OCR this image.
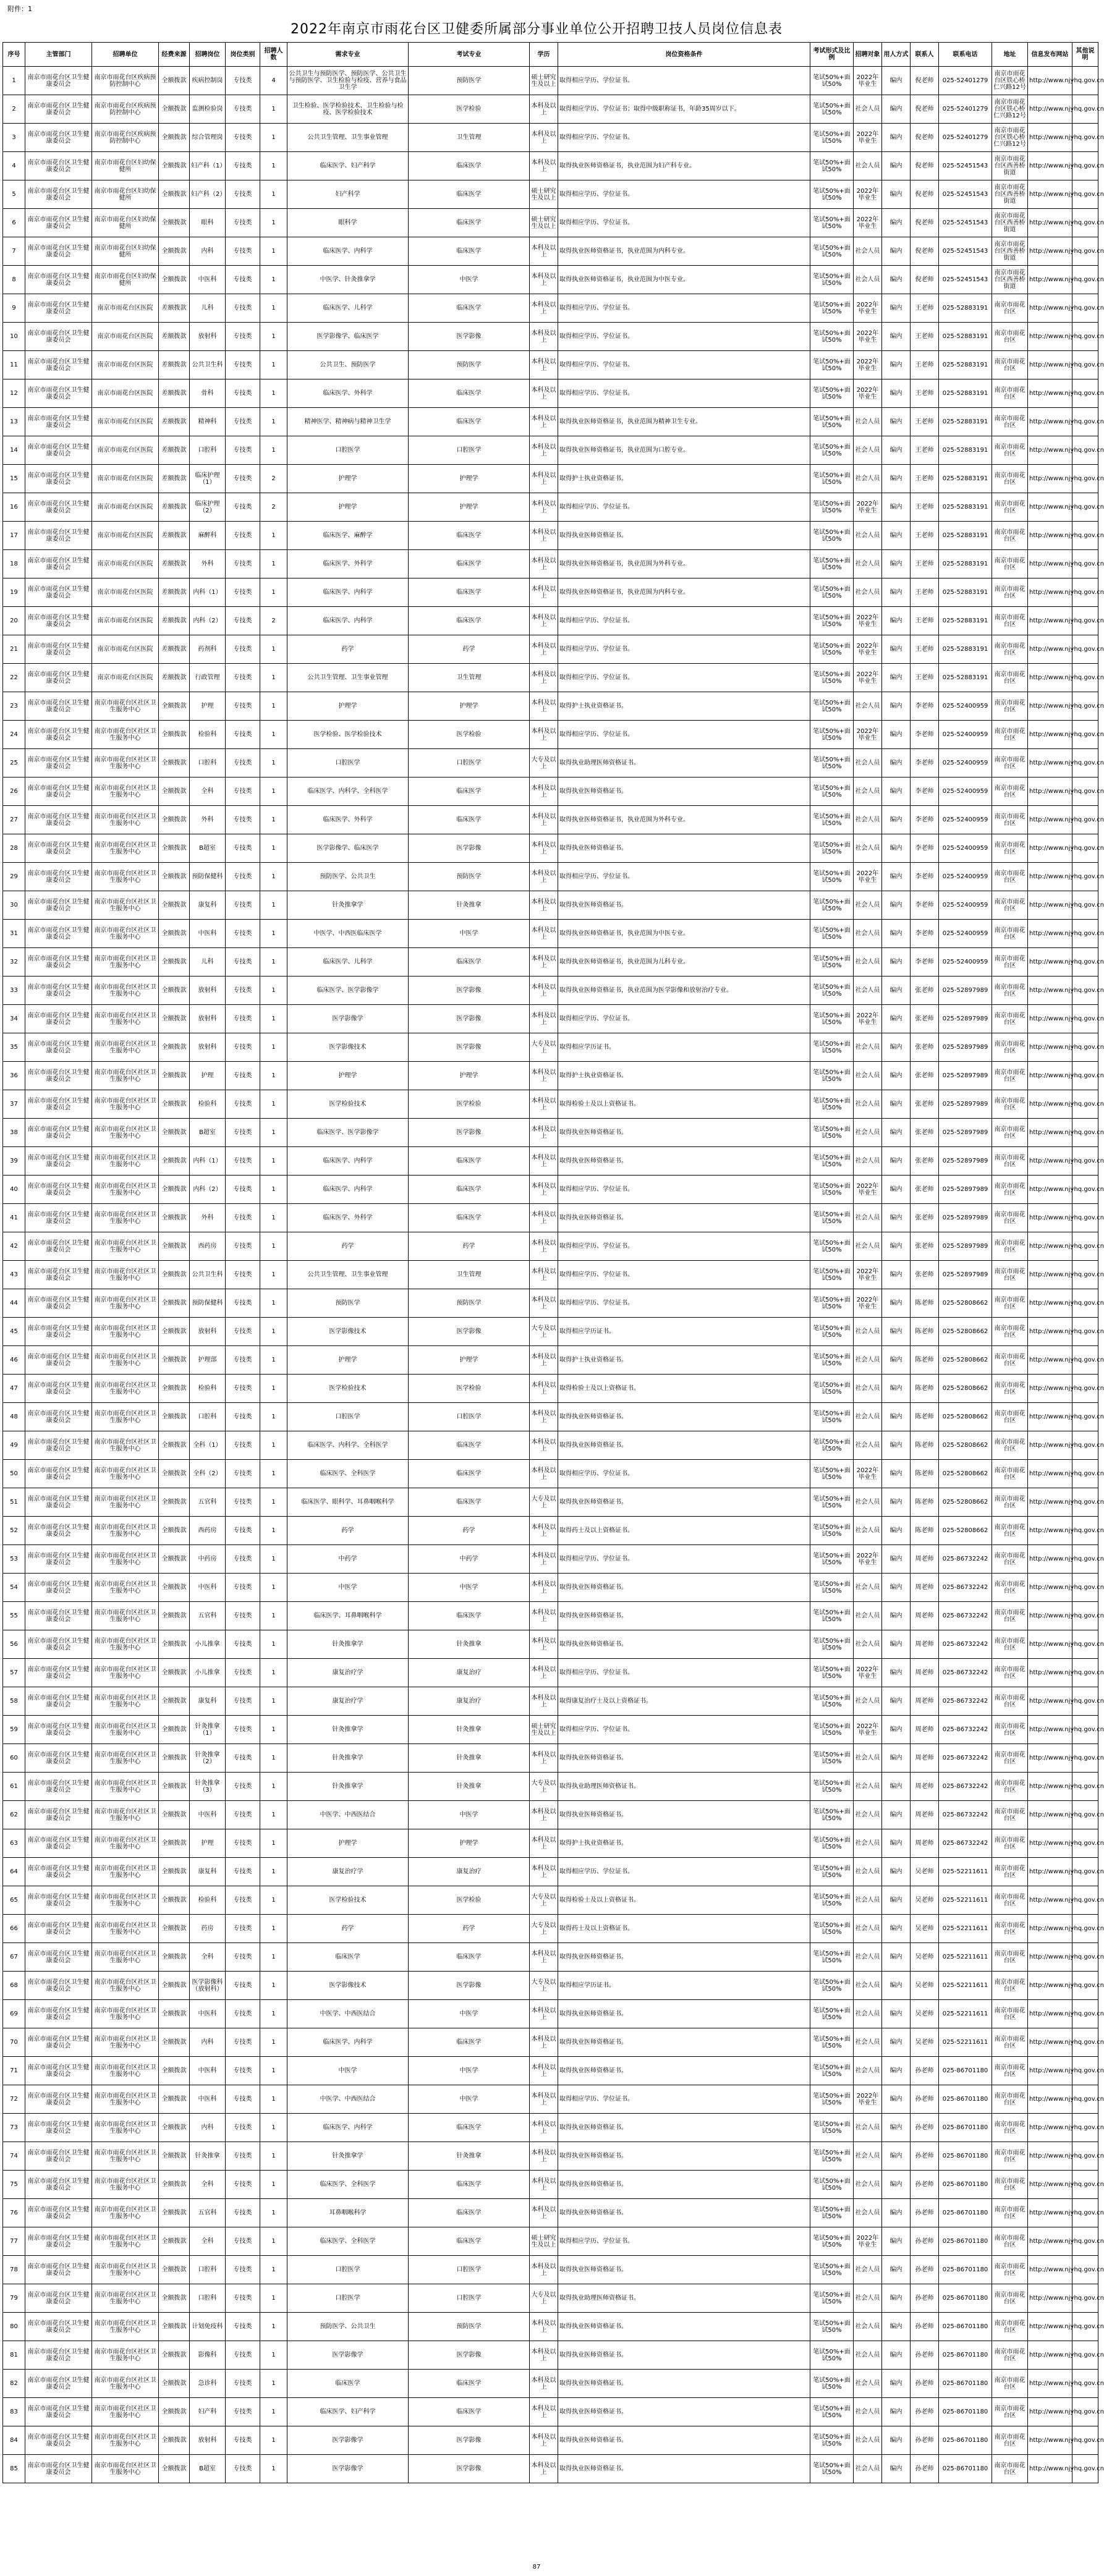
附件：1
2022年南京市雨花台区卫健委所属部分事业单位公开招聘卫技人员岗位信息表
序号	主管部门	招聘单位	经费来源	招聘岗位	岗位类别	招聘人数	需求专业	考试专业	学历	岗位资格条件	考试形式及比例	招聘对象	用人方式	联系人	联系电话	地址	信息发布网站	其他说明
1	南京市雨花台区卫生健康委员会	南京市雨花台区疾病预防控制中心	全额拨款	疾病控制岗	专技类	4	公共卫生与预防医学、预防医学、公共卫生与预防医学、卫生检验与检疫、营养与食品卫生学	预防医学	硕士研究生及以上	取得相应学历、学位证书。	笔试50%+面试50%	2022年毕业生	编内	倪老师	025-52401279	南京市雨花台区铁心桥仁兴路12号	http://www.njyhq.gov.cn	
2	南京市雨花台区卫生健康委员会	南京市雨花台区疾病预防控制中心	全额拨款	监测检验岗	专技类	1	卫生检验、医学检验技术、卫生检验与检疫、医学检验技术	医学检验	本科及以上	取得相应学历、学位证书；取得中级职称证书，年龄35周岁以下。	笔试50%+面试50%	社会人员	编内	倪老师	025-52401279	南京市雨花台区铁心桥仁兴路12号	http://www.njyhq.gov.cn	
3	南京市雨花台区卫生健康委员会	南京市雨花台区疾病预防控制中心	全额拨款	综合管理岗	专技类	1	公共卫生管理、卫生事业管理	卫生管理	本科及以上	取得相应学历、学位证书。	笔试50%+面试50%	2022年毕业生	编内	倪老师	025-52401279	南京市雨花台区铁心桥仁兴路12号	http://www.njyhq.gov.cn	
4	南京市雨花台区卫生健康委员会	南京市雨花台区妇幼保健所	全额拨款	妇产科（1）	专技类	1	临床医学、妇产科学	临床医学	本科及以上	取得执业医师资格证书，执业范围为妇产科专业。	笔试50%+面试50%	社会人员	编内	倪老师	025-52451543	南京市雨花台区西善桥街道	http://www.njyhq.gov.cn	
5	南京市雨花台区卫生健康委员会	南京市雨花台区妇幼保健所	全额拨款	妇产科（2）	专技类	1	妇产科学	临床医学	硕士研究生及以上	取得相应学历、学位证书。	笔试50%+面试50%	2022年毕业生	编内	倪老师	025-52451543	南京市雨花台区西善桥街道	http://www.njyhq.gov.cn	
6	南京市雨花台区卫生健康委员会	南京市雨花台区妇幼保健所	全额拨款	眼科	专技类	1	眼科学	临床医学	硕士研究生及以上	取得相应学历、学位证书。	笔试50%+面试50%	2022年毕业生	编内	倪老师	025-52451543	南京市雨花台区西善桥街道	http://www.njyhq.gov.cn	
7	南京市雨花台区卫生健康委员会	南京市雨花台区妇幼保健所	全额拨款	内科	专技类	1	临床医学、内科学	临床医学	本科及以上	取得执业医师资格证书，执业范围为内科专业。	笔试50%+面试50%	社会人员	编内	倪老师	025-52451543	南京市雨花台区西善桥街道	http://www.njyhq.gov.cn	
8	南京市雨花台区卫生健康委员会	南京市雨花台区妇幼保健所	全额拨款	中医科	专技类	1	中医学、针灸推拿学	中医学	本科及以上	取得执业医师资格证书，执业范围为中医专业。	笔试50%+面试50%	社会人员	编内	倪老师	025-52451543	南京市雨花台区西善桥街道	http://www.njyhq.gov.cn	
9	南京市雨花台区卫生健康委员会	南京市雨花台区医院	差额拨款	儿科	专技类	1	临床医学、儿科学	临床医学	本科及以上	取得相应学历、学位证书。	笔试50%+面试50%	2022年毕业生	编内	王老师	025-52883191	南京市雨花台区	http://www.njyhq.gov.cn	
10	南京市雨花台区卫生健康委员会	南京市雨花台区医院	差额拨款	放射科	专技类	1	医学影像学、临床医学	医学影像	本科及以上	取得相应学历、学位证书。	笔试50%+面试50%	2022年毕业生	编内	王老师	025-52883191	南京市雨花台区	http://www.njyhq.gov.cn	
11	南京市雨花台区卫生健康委员会	南京市雨花台区医院	差额拨款	公共卫生科	专技类	1	公共卫生、预防医学	预防医学	本科及以上	取得相应学历、学位证书。	笔试50%+面试50%	2022年毕业生	编内	王老师	025-52883191	南京市雨花台区	http://www.njyhq.gov.cn	
12	南京市雨花台区卫生健康委员会	南京市雨花台区医院	差额拨款	骨科	专技类	1	临床医学、外科学	临床医学	本科及以上	取得相应学历、学位证书。	笔试50%+面试50%	2022年毕业生	编内	王老师	025-52883191	南京市雨花台区	http://www.njyhq.gov.cn	
13	南京市雨花台区卫生健康委员会	南京市雨花台区医院	差额拨款	精神科	专技类	1	精神医学、精神病与精神卫生学	临床医学	本科及以上	取得执业医师资格证书，执业范围为精神卫生专业。	笔试50%+面试50%	社会人员	编内	王老师	025-52883191	南京市雨花台区	http://www.njyhq.gov.cn	
14	南京市雨花台区卫生健康委员会	南京市雨花台区医院	差额拨款	口腔科	专技类	1	口腔医学	口腔医学	本科及以上	取得执业医师资格证书，执业范围为口腔专业。	笔试50%+面试50%	社会人员	编内	王老师	025-52883191	南京市雨花台区	http://www.njyhq.gov.cn	
15	南京市雨花台区卫生健康委员会	南京市雨花台区医院	差额拨款	临床护理（1）	专技类	2	护理学	护理学	本科及以上	取得护士执业资格证书。	笔试50%+面试50%	社会人员	编内	王老师	025-52883191	南京市雨花台区	http://www.njyhq.gov.cn	
16	南京市雨花台区卫生健康委员会	南京市雨花台区医院	差额拨款	临床护理（2）	专技类	2	护理学	护理学	本科及以上	取得相应学历、学位证书。	笔试50%+面试50%	2022年毕业生	编内	王老师	025-52883191	南京市雨花台区	http://www.njyhq.gov.cn	
17	南京市雨花台区卫生健康委员会	南京市雨花台区医院	差额拨款	麻醉科	专技类	1	临床医学、麻醉学	临床医学	本科及以上	取得执业医师资格证书。	笔试50%+面试50%	社会人员	编内	王老师	025-52883191	南京市雨花台区	http://www.njyhq.gov.cn	
18	南京市雨花台区卫生健康委员会	南京市雨花台区医院	差额拨款	外科	专技类	1	临床医学、外科学	临床医学	本科及以上	取得执业医师资格证书，执业范围为外科专业。	笔试50%+面试50%	社会人员	编内	王老师	025-52883191	南京市雨花台区	http://www.njyhq.gov.cn	
19	南京市雨花台区卫生健康委员会	南京市雨花台区医院	差额拨款	内科（1）	专技类	1	临床医学、内科学	临床医学	本科及以上	取得执业医师资格证书，执业范围为内科专业。	笔试50%+面试50%	社会人员	编内	王老师	025-52883191	南京市雨花台区	http://www.njyhq.gov.cn	
20	南京市雨花台区卫生健康委员会	南京市雨花台区医院	差额拨款	内科（2）	专技类	2	临床医学、内科学	临床医学	本科及以上	取得相应学历、学位证书。	笔试50%+面试50%	2022年毕业生	编内	王老师	025-52883191	南京市雨花台区	http://www.njyhq.gov.cn	
21	南京市雨花台区卫生健康委员会	南京市雨花台区医院	差额拨款	药剂科	专技类	1	药学	药学	本科及以上	取得相应学历、学位证书。	笔试50%+面试50%	2022年毕业生	编内	王老师	025-52883191	南京市雨花台区	http://www.njyhq.gov.cn	
22	南京市雨花台区卫生健康委员会	南京市雨花台区医院	差额拨款	行政管理	专技类	1	公共卫生管理、卫生事业管理	卫生管理	本科及以上	取得相应学历、学位证书。	笔试50%+面试50%	2022年毕业生	编内	王老师	025-52883191	南京市雨花台区	http://www.njyhq.gov.cn	
23	南京市雨花台区卫生健康委员会	南京市雨花台区社区卫生服务中心	全额拨款	护理	专技类	1	护理学	护理学	本科及以上	取得护士执业资格证书。	笔试50%+面试50%	社会人员	编内	李老师	025-52400959	南京市雨花台区	http://www.njyhq.gov.cn	
24	南京市雨花台区卫生健康委员会	南京市雨花台区社区卫生服务中心	全额拨款	检验科	专技类	1	医学检验、医学检验技术	医学检验	本科及以上	取得相应学历、学位证书。	笔试50%+面试50%	2022年毕业生	编内	李老师	025-52400959	南京市雨花台区	http://www.njyhq.gov.cn	
25	南京市雨花台区卫生健康委员会	南京市雨花台区社区卫生服务中心	全额拨款	口腔科	专技类	1	口腔医学	口腔医学	大专及以上	取得执业助理医师资格证书。	笔试50%+面试50%	社会人员	编内	李老师	025-52400959	南京市雨花台区	http://www.njyhq.gov.cn	
26	南京市雨花台区卫生健康委员会	南京市雨花台区社区卫生服务中心	全额拨款	全科	专技类	1	临床医学、内科学、全科医学	临床医学	本科及以上	取得执业医师资格证书。	笔试50%+面试50%	社会人员	编内	李老师	025-52400959	南京市雨花台区	http://www.njyhq.gov.cn	
27	南京市雨花台区卫生健康委员会	南京市雨花台区社区卫生服务中心	全额拨款	外科	专技类	1	临床医学、外科学	临床医学	本科及以上	取得执业医师资格证书，执业范围为外科专业。	笔试50%+面试50%	社会人员	编内	李老师	025-52400959	南京市雨花台区	http://www.njyhq.gov.cn	
28	南京市雨花台区卫生健康委员会	南京市雨花台区社区卫生服务中心	全额拨款	B超室	专技类	1	医学影像学、临床医学	医学影像	本科及以上	取得执业医师资格证书。	笔试50%+面试50%	社会人员	编内	李老师	025-52400959	南京市雨花台区	http://www.njyhq.gov.cn	
29	南京市雨花台区卫生健康委员会	南京市雨花台区社区卫生服务中心	全额拨款	预防保健科	专技类	1	预防医学、公共卫生	预防医学	本科及以上	取得相应学历、学位证书。	笔试50%+面试50%	2022年毕业生	编内	李老师	025-52400959	南京市雨花台区	http://www.njyhq.gov.cn	
30	南京市雨花台区卫生健康委员会	南京市雨花台区社区卫生服务中心	全额拨款	康复科	专技类	1	针灸推拿学	针灸推拿	本科及以上	取得执业医师资格证书。	笔试50%+面试50%	社会人员	编内	李老师	025-52400959	南京市雨花台区	http://www.njyhq.gov.cn	
31	南京市雨花台区卫生健康委员会	南京市雨花台区社区卫生服务中心	全额拨款	中医科	专技类	1	中医学、中西医临床医学	中医学	本科及以上	取得执业医师资格证书，执业范围为中医专业。	笔试50%+面试50%	社会人员	编内	李老师	025-52400959	南京市雨花台区	http://www.njyhq.gov.cn	
32	南京市雨花台区卫生健康委员会	南京市雨花台区社区卫生服务中心	全额拨款	儿科	专技类	1	临床医学、儿科学	临床医学	本科及以上	取得执业医师资格证书，执业范围为儿科专业。	笔试50%+面试50%	社会人员	编内	李老师	025-52400959	南京市雨花台区	http://www.njyhq.gov.cn	
33	南京市雨花台区卫生健康委员会	南京市雨花台区社区卫生服务中心	全额拨款	放射科	专技类	1	临床医学、医学影像学	医学影像	本科及以上	取得执业医师资格证书，执业范围为医学影像和放射治疗专业。	笔试50%+面试50%	社会人员	编内	张老师	025-52897989	南京市雨花台区	http://www.njyhq.gov.cn	
34	南京市雨花台区卫生健康委员会	南京市雨花台区社区卫生服务中心	全额拨款	放射科	专技类	1	医学影像学	医学影像	本科及以上	取得相应学历、学位证书。	笔试50%+面试50%	2022年毕业生	编内	张老师	025-52897989	南京市雨花台区	http://www.njyhq.gov.cn	
35	南京市雨花台区卫生健康委员会	南京市雨花台区社区卫生服务中心	全额拨款	放射科	专技类	1	医学影像技术	医学影像	大专及以上	取得相应学历证书。	笔试50%+面试50%	社会人员	编内	张老师	025-52897989	南京市雨花台区	http://www.njyhq.gov.cn	
36	南京市雨花台区卫生健康委员会	南京市雨花台区社区卫生服务中心	全额拨款	护理	专技类	1	护理学	护理学	本科及以上	取得护士执业资格证书。	笔试50%+面试50%	社会人员	编内	张老师	025-52897989	南京市雨花台区	http://www.njyhq.gov.cn	
37	南京市雨花台区卫生健康委员会	南京市雨花台区社区卫生服务中心	全额拨款	检验科	专技类	1	医学检验技术	医学检验	本科及以上	取得检验士及以上资格证书。	笔试50%+面试50%	社会人员	编内	张老师	025-52897989	南京市雨花台区	http://www.njyhq.gov.cn	
38	南京市雨花台区卫生健康委员会	南京市雨花台区社区卫生服务中心	全额拨款	B超室	专技类	1	临床医学、医学影像学	医学影像	本科及以上	取得执业医师资格证书。	笔试50%+面试50%	社会人员	编内	张老师	025-52897989	南京市雨花台区	http://www.njyhq.gov.cn	
39	南京市雨花台区卫生健康委员会	南京市雨花台区社区卫生服务中心	全额拨款	内科（1）	专技类	1	临床医学、内科学	临床医学	本科及以上	取得执业医师资格证书。	笔试50%+面试50%	社会人员	编内	张老师	025-52897989	南京市雨花台区	http://www.njyhq.gov.cn	
40	南京市雨花台区卫生健康委员会	南京市雨花台区社区卫生服务中心	全额拨款	内科（2）	专技类	1	临床医学、内科学	临床医学	本科及以上	取得相应学历、学位证书。	笔试50%+面试50%	2022年毕业生	编内	张老师	025-52897989	南京市雨花台区	http://www.njyhq.gov.cn	
41	南京市雨花台区卫生健康委员会	南京市雨花台区社区卫生服务中心	全额拨款	外科	专技类	1	临床医学、外科学	临床医学	本科及以上	取得执业医师资格证书。	笔试50%+面试50%	社会人员	编内	张老师	025-52897989	南京市雨花台区	http://www.njyhq.gov.cn	
42	南京市雨花台区卫生健康委员会	南京市雨花台区社区卫生服务中心	全额拨款	西药房	专技类	1	药学	药学	本科及以上	取得相应学历、学位证书。	笔试50%+面试50%	社会人员	编内	张老师	025-52897989	南京市雨花台区	http://www.njyhq.gov.cn	
43	南京市雨花台区卫生健康委员会	南京市雨花台区社区卫生服务中心	全额拨款	公共卫生科	专技类	1	公共卫生管理、卫生事业管理	卫生管理	本科及以上	取得相应学历、学位证书。	笔试50%+面试50%	2022年毕业生	编内	张老师	025-52897989	南京市雨花台区	http://www.njyhq.gov.cn	
44	南京市雨花台区卫生健康委员会	南京市雨花台区社区卫生服务中心	全额拨款	预防保健科	专技类	1	预防医学	预防医学	本科及以上	取得相应学历、学位证书。	笔试50%+面试50%	2022年毕业生	编内	陈老师	025-52808662	南京市雨花台区	http://www.njyhq.gov.cn	
45	南京市雨花台区卫生健康委员会	南京市雨花台区社区卫生服务中心	全额拨款	放射科	专技类	1	医学影像技术	医学影像	大专及以上	取得相应学历证书。	笔试50%+面试50%	社会人员	编内	陈老师	025-52808662	南京市雨花台区	http://www.njyhq.gov.cn	
46	南京市雨花台区卫生健康委员会	南京市雨花台区社区卫生服务中心	全额拨款	护理部	专技类	1	护理学	护理学	本科及以上	取得护士执业资格证书。	笔试50%+面试50%	社会人员	编内	陈老师	025-52808662	南京市雨花台区	http://www.njyhq.gov.cn	
47	南京市雨花台区卫生健康委员会	南京市雨花台区社区卫生服务中心	全额拨款	检验科	专技类	1	医学检验技术	医学检验	本科及以上	取得检验士及以上资格证书。	笔试50%+面试50%	社会人员	编内	陈老师	025-52808662	南京市雨花台区	http://www.njyhq.gov.cn	
48	南京市雨花台区卫生健康委员会	南京市雨花台区社区卫生服务中心	全额拨款	口腔科	专技类	1	口腔医学	口腔医学	本科及以上	取得执业医师资格证书。	笔试50%+面试50%	社会人员	编内	陈老师	025-52808662	南京市雨花台区	http://www.njyhq.gov.cn	
49	南京市雨花台区卫生健康委员会	南京市雨花台区社区卫生服务中心	全额拨款	全科（1）	专技类	1	临床医学、内科学、全科医学	临床医学	本科及以上	取得执业医师资格证书。	笔试50%+面试50%	社会人员	编内	陈老师	025-52808662	南京市雨花台区	http://www.njyhq.gov.cn	
50	南京市雨花台区卫生健康委员会	南京市雨花台区社区卫生服务中心	全额拨款	全科（2）	专技类	1	临床医学、全科医学	临床医学	本科及以上	取得相应学历、学位证书。	笔试50%+面试50%	2022年毕业生	编内	陈老师	025-52808662	南京市雨花台区	http://www.njyhq.gov.cn	
51	南京市雨花台区卫生健康委员会	南京市雨花台区社区卫生服务中心	全额拨款	五官科	专技类	1	临床医学、眼科学、耳鼻咽喉科学	临床医学	大专及以上	取得执业医师资格证书。	笔试50%+面试50%	社会人员	编内	陈老师	025-52808662	南京市雨花台区	http://www.njyhq.gov.cn	
52	南京市雨花台区卫生健康委员会	南京市雨花台区社区卫生服务中心	全额拨款	西药房	专技类	1	药学	药学	本科及以上	取得药士及以上资格证书。	笔试50%+面试50%	社会人员	编内	陈老师	025-52808662	南京市雨花台区	http://www.njyhq.gov.cn	
53	南京市雨花台区卫生健康委员会	南京市雨花台区社区卫生服务中心	全额拨款	中药房	专技类	1	中药学	中药学	本科及以上	取得相应学历、学位证书。	笔试50%+面试50%	2022年毕业生	编内	周老师	025-86732242	南京市雨花台区	http://www.njyhq.gov.cn	
54	南京市雨花台区卫生健康委员会	南京市雨花台区社区卫生服务中心	全额拨款	中医科	专技类	1	中医学	中医学	本科及以上	取得执业医师资格证书。	笔试50%+面试50%	社会人员	编内	周老师	025-86732242	南京市雨花台区	http://www.njyhq.gov.cn	
55	南京市雨花台区卫生健康委员会	南京市雨花台区社区卫生服务中心	全额拨款	五官科	专技类	1	临床医学、耳鼻咽喉科学	临床医学	本科及以上	取得执业医师资格证书。	笔试50%+面试50%	社会人员	编内	周老师	025-86732242	南京市雨花台区	http://www.njyhq.gov.cn	
56	南京市雨花台区卫生健康委员会	南京市雨花台区社区卫生服务中心	全额拨款	小儿推拿	专技类	1	针灸推拿学	针灸推拿	本科及以上	取得执业医师资格证书。	笔试50%+面试50%	社会人员	编内	周老师	025-86732242	南京市雨花台区	http://www.njyhq.gov.cn	
57	南京市雨花台区卫生健康委员会	南京市雨花台区社区卫生服务中心	全额拨款	小儿推拿	专技类	1	康复治疗学	康复治疗	本科及以上	取得相应学历、学位证书。	笔试50%+面试50%	2022年毕业生	编内	周老师	025-86732242	南京市雨花台区	http://www.njyhq.gov.cn	
58	南京市雨花台区卫生健康委员会	南京市雨花台区社区卫生服务中心	全额拨款	康复科	专技类	1	康复治疗学	康复治疗	本科及以上	取得康复治疗士及以上资格证书。	笔试50%+面试50%	社会人员	编内	周老师	025-86732242	南京市雨花台区	http://www.njyhq.gov.cn	
59	南京市雨花台区卫生健康委员会	南京市雨花台区社区卫生服务中心	全额拨款	针灸推拿（1）	专技类	1	针灸推拿学	针灸推拿	硕士研究生及以上	取得相应学历、学位证书。	笔试50%+面试50%	2022年毕业生	编内	周老师	025-86732242	南京市雨花台区	http://www.njyhq.gov.cn	
60	南京市雨花台区卫生健康委员会	南京市雨花台区社区卫生服务中心	全额拨款	针灸推拿（2）	专技类	1	针灸推拿学	针灸推拿	本科及以上	取得执业医师资格证书。	笔试50%+面试50%	社会人员	编内	周老师	025-86732242	南京市雨花台区	http://www.njyhq.gov.cn	
61	南京市雨花台区卫生健康委员会	南京市雨花台区社区卫生服务中心	全额拨款	针灸推拿（3）	专技类	1	针灸推拿学	针灸推拿	大专及以上	取得执业助理医师资格证书。	笔试50%+面试50%	社会人员	编内	周老师	025-86732242	南京市雨花台区	http://www.njyhq.gov.cn	
62	南京市雨花台区卫生健康委员会	南京市雨花台区社区卫生服务中心	全额拨款	中医科	专技类	1	中医学、中西医结合	中医学	本科及以上	取得执业医师资格证书。	笔试50%+面试50%	社会人员	编内	周老师	025-86732242	南京市雨花台区	http://www.njyhq.gov.cn	
63	南京市雨花台区卫生健康委员会	南京市雨花台区社区卫生服务中心	全额拨款	护理	专技类	1	护理学	护理学	本科及以上	取得护士执业资格证书。	笔试50%+面试50%	社会人员	编内	周老师	025-86732242	南京市雨花台区	http://www.njyhq.gov.cn	
64	南京市雨花台区卫生健康委员会	南京市雨花台区社区卫生服务中心	全额拨款	康复科	专技类	1	康复治疗学	康复治疗	本科及以上	取得相应学历、学位证书。	笔试50%+面试50%	社会人员	编内	吴老师	025-52211611	南京市雨花台区	http://www.njyhq.gov.cn	
65	南京市雨花台区卫生健康委员会	南京市雨花台区社区卫生服务中心	全额拨款	检验科	专技类	1	医学检验技术	医学检验	大专及以上	取得检验士及以上资格证书。	笔试50%+面试50%	社会人员	编内	吴老师	025-52211611	南京市雨花台区	http://www.njyhq.gov.cn	
66	南京市雨花台区卫生健康委员会	南京市雨花台区社区卫生服务中心	全额拨款	药房	专技类	1	药学	药学	大专及以上	取得药士及以上资格证书。	笔试50%+面试50%	社会人员	编内	吴老师	025-52211611	南京市雨花台区	http://www.njyhq.gov.cn	
67	南京市雨花台区卫生健康委员会	南京市雨花台区社区卫生服务中心	全额拨款	全科	专技类	1	临床医学	临床医学	本科及以上	取得执业医师资格证书。	笔试50%+面试50%	社会人员	编内	吴老师	025-52211611	南京市雨花台区	http://www.njyhq.gov.cn	
68	南京市雨花台区卫生健康委员会	南京市雨花台区社区卫生服务中心	全额拨款	医学影像科（放射科）	专技类	1	医学影像技术	医学影像	大专及以上	取得相应学历证书。	笔试50%+面试50%	社会人员	编内	吴老师	025-52211611	南京市雨花台区	http://www.njyhq.gov.cn	
69	南京市雨花台区卫生健康委员会	南京市雨花台区社区卫生服务中心	全额拨款	中医科	专技类	1	中医学、中西医结合	中医学	本科及以上	取得执业医师资格证书。	笔试50%+面试50%	社会人员	编内	吴老师	025-52211611	南京市雨花台区	http://www.njyhq.gov.cn	
70	南京市雨花台区卫生健康委员会	南京市雨花台区社区卫生服务中心	全额拨款	内科	专技类	1	临床医学、内科学	临床医学	本科及以上	取得执业医师资格证书。	笔试50%+面试50%	社会人员	编内	吴老师	025-52211611	南京市雨花台区	http://www.njyhq.gov.cn	
71	南京市雨花台区卫生健康委员会	南京市雨花台区社区卫生服务中心	全额拨款	中医科	专技类	1	中医学	中医学	本科及以上	取得执业医师资格证书。	笔试50%+面试50%	社会人员	编内	孙老师	025-86701180	南京市雨花台区	http://www.njyhq.gov.cn	
72	南京市雨花台区卫生健康委员会	南京市雨花台区社区卫生服务中心	全额拨款	中医科	专技类	1	中医学、中西医结合	中医学	本科及以上	取得相应学历、学位证书。	笔试50%+面试50%	2022年毕业生	编内	孙老师	025-86701180	南京市雨花台区	http://www.njyhq.gov.cn	
73	南京市雨花台区卫生健康委员会	南京市雨花台区社区卫生服务中心	全额拨款	内科	专技类	1	临床医学、内科学	临床医学	本科及以上	取得执业医师资格证书。	笔试50%+面试50%	社会人员	编内	孙老师	025-86701180	南京市雨花台区	http://www.njyhq.gov.cn	
74	南京市雨花台区卫生健康委员会	南京市雨花台区社区卫生服务中心	全额拨款	针灸推拿	专技类	1	针灸推拿学	针灸推拿	本科及以上	取得执业医师资格证书。	笔试50%+面试50%	社会人员	编内	孙老师	025-86701180	南京市雨花台区	http://www.njyhq.gov.cn	
75	南京市雨花台区卫生健康委员会	南京市雨花台区社区卫生服务中心	全额拨款	全科	专技类	1	临床医学、全科医学	临床医学	本科及以上	取得执业医师资格证书。	笔试50%+面试50%	社会人员	编内	孙老师	025-86701180	南京市雨花台区	http://www.njyhq.gov.cn	
76	南京市雨花台区卫生健康委员会	南京市雨花台区社区卫生服务中心	全额拨款	五官科	专技类	1	耳鼻咽喉科学	临床医学	本科及以上	取得执业医师资格证书。	笔试50%+面试50%	社会人员	编内	孙老师	025-86701180	南京市雨花台区	http://www.njyhq.gov.cn	
77	南京市雨花台区卫生健康委员会	南京市雨花台区社区卫生服务中心	全额拨款	全科	专技类	1	临床医学、全科医学	临床医学	硕士研究生及以上	取得相应学历、学位证书。	笔试50%+面试50%	2022年毕业生	编内	孙老师	025-86701180	南京市雨花台区	http://www.njyhq.gov.cn	
78	南京市雨花台区卫生健康委员会	南京市雨花台区社区卫生服务中心	全额拨款	口腔科	专技类	1	口腔医学	口腔医学	本科及以上	取得执业医师资格证书。	笔试50%+面试50%	社会人员	编内	孙老师	025-86701180	南京市雨花台区	http://www.njyhq.gov.cn	
79	南京市雨花台区卫生健康委员会	南京市雨花台区社区卫生服务中心	全额拨款	口腔科	专技类	1	口腔医学	口腔医学	大专及以上	取得执业助理医师资格证书。	笔试50%+面试50%	社会人员	编内	孙老师	025-86701180	南京市雨花台区	http://www.njyhq.gov.cn	
80	南京市雨花台区卫生健康委员会	南京市雨花台区社区卫生服务中心	全额拨款	计划免疫科	专技类	1	预防医学、公共卫生	预防医学	本科及以上	取得执业医师资格证书。	笔试50%+面试50%	社会人员	编内	孙老师	025-86701180	南京市雨花台区	http://www.njyhq.gov.cn	
81	南京市雨花台区卫生健康委员会	南京市雨花台区社区卫生服务中心	全额拨款	影像科	专技类	1	医学影像学	医学影像	本科及以上	取得执业医师资格证书。	笔试50%+面试50%	社会人员	编内	孙老师	025-86701180	南京市雨花台区	http://www.njyhq.gov.cn	
82	南京市雨花台区卫生健康委员会	南京市雨花台区社区卫生服务中心	全额拨款	急诊科	专技类	1	临床医学	临床医学	本科及以上	取得执业医师资格证书。	笔试50%+面试50%	社会人员	编内	孙老师	025-86701180	南京市雨花台区	http://www.njyhq.gov.cn	
83	南京市雨花台区卫生健康委员会	南京市雨花台区社区卫生服务中心	全额拨款	妇产科	专技类	1	临床医学、妇产科学	临床医学	本科及以上	取得执业医师资格证书。	笔试50%+面试50%	社会人员	编内	孙老师	025-86701180	南京市雨花台区	http://www.njyhq.gov.cn	
84	南京市雨花台区卫生健康委员会	南京市雨花台区社区卫生服务中心	全额拨款	放射科	专技类	1	医学影像学	医学影像	本科及以上	取得执业医师资格证书。	笔试50%+面试50%	社会人员	编内	孙老师	025-86701180	南京市雨花台区	http://www.njyhq.gov.cn	
85	南京市雨花台区卫生健康委员会	南京市雨花台区社区卫生服务中心	全额拨款	B超室	专技类	1	医学影像学	医学影像	本科及以上	取得执业医师资格证书。	笔试50%+面试50%	社会人员	编内	孙老师	025-86701180	南京市雨花台区	http://www.njyhq.gov.cn	
87
